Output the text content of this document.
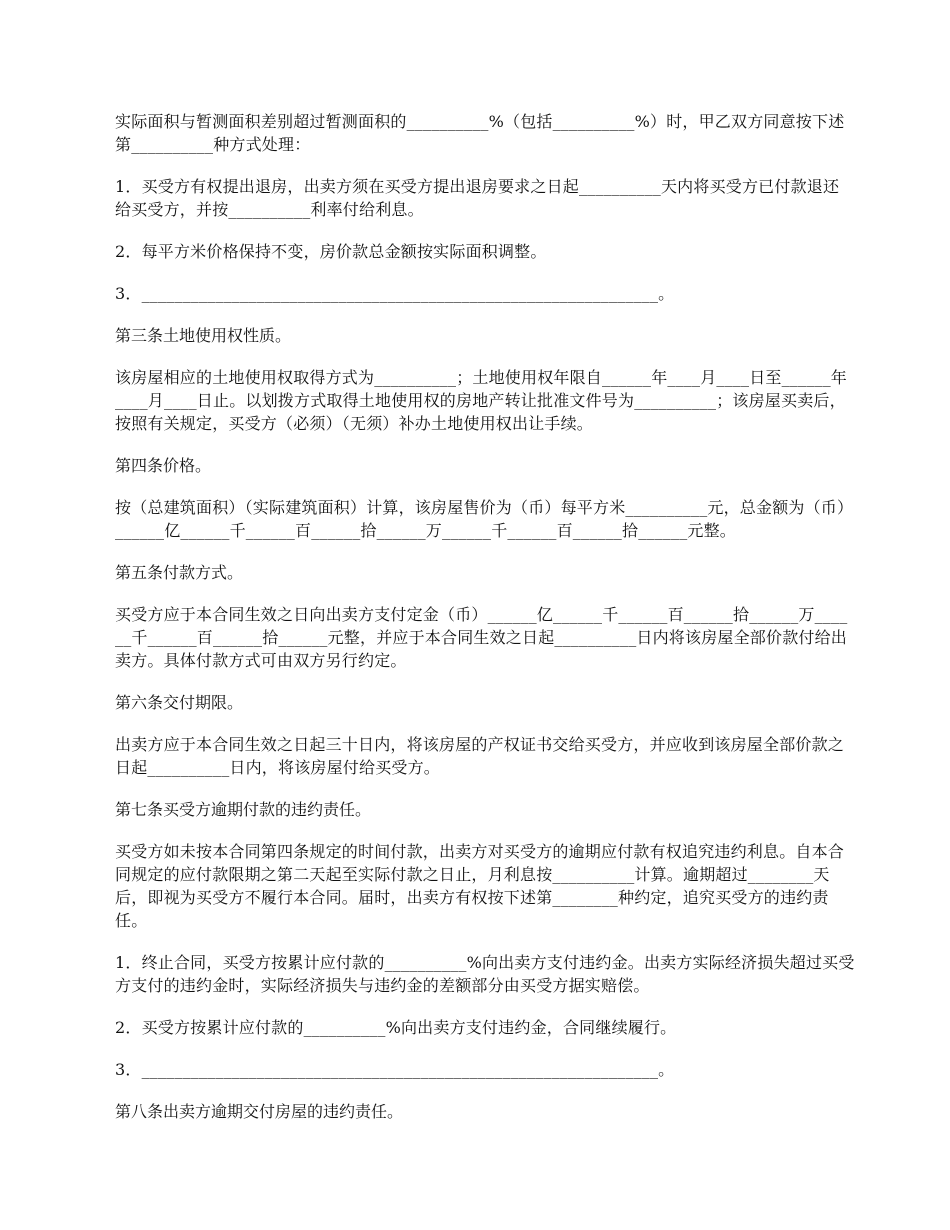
实际面积与暂测面积差别超过暂测面积的__________%（包括__________%）时，甲乙双方同意按下述第__________种方式处理：

1．买受方有权提出退房，出卖方须在买受方提出退房要求之日起__________天内将买受方已付款退还给买受方，并按__________利率付给利息。

2．每平方米价格保持不变，房价款总金额按实际面积调整。

3．_______________________________________________________________。

第三条土地使用权性质。

该房屋相应的土地使用权取得方式为__________；土地使用权年限自______年____月____日至______年____月____日止。以划拨方式取得土地使用权的房地产转让批准文件号为__________；该房屋买卖后，按照有关规定，买受方（必须）（无须）补办土地使用权出让手续。

第四条价格。

按（总建筑面积）（实际建筑面积）计算，该房屋售价为（币）每平方米__________元，总金额为（币）______亿______千______百______拾______万______千______百______拾______元整。

第五条付款方式。

买受方应于本合同生效之日向出卖方支付定金（币）______亿______千______百______拾______万______千______百______拾______元整，并应于本合同生效之日起__________日内将该房屋全部价款付给出卖方。具体付款方式可由双方另行约定。

第六条交付期限。

出卖方应于本合同生效之日起三十日内，将该房屋的产权证书交给买受方，并应收到该房屋全部价款之日起__________日内，将该房屋付给买受方。

第七条买受方逾期付款的违约责任。

买受方如未按本合同第四条规定的时间付款，出卖方对买受方的逾期应付款有权追究违约利息。自本合同规定的应付款限期之第二天起至实际付款之日止，月利息按__________计算。逾期超过________天后，即视为买受方不履行本合同。届时，出卖方有权按下述第________种约定，追究买受方的违约责任。

1．终止合同，买受方按累计应付款的__________%向出卖方支付违约金。出卖方实际经济损失超过买受方支付的违约金时，实际经济损失与违约金的差额部分由买受方据实赔偿。

2．买受方按累计应付款的__________%向出卖方支付违约金，合同继续履行。

3．_______________________________________________________________。

第八条出卖方逾期交付房屋的违约责任。
